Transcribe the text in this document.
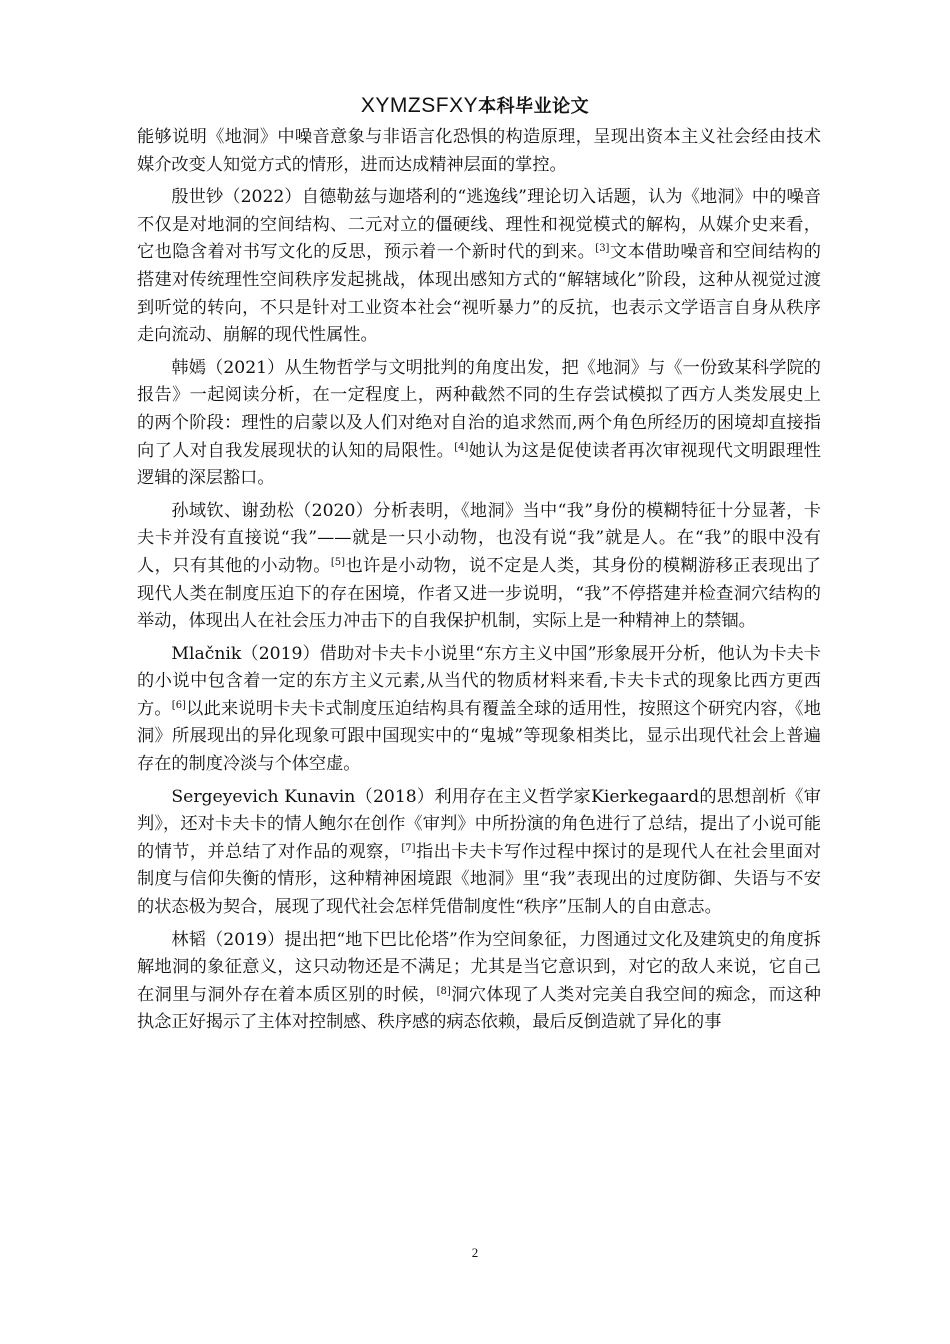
XYMZSFXY本科毕业论文

能够说明《地洞》中噪音意象与非语言化恐惧的构造原理，呈现出资本主义社会经由技术媒介改变人知觉方式的情形，进而达成精神层面的掌控。

殷世钞（2022）自德勒兹与迦塔利的“逃逸线”理论切入话题，认为《地洞》中的噪音不仅是对地洞的空间结构、二元对立的僵硬线、理性和视觉模式的解构，从媒介史来看，它也隐含着对书写文化的反思，预示着一个新时代的到来。[3]文本借助噪音和空间结构的搭建对传统理性空间秩序发起挑战，体现出感知方式的“解辖域化”阶段，这种从视觉过渡到听觉的转向，不只是针对工业资本社会“视听暴力”的反抗，也表示文学语言自身从秩序走向流动、崩解的现代性属性。

韩嫣（2021）从生物哲学与文明批判的角度出发，把《地洞》与《一份致某科学院的报告》一起阅读分析，在一定程度上，两种截然不同的生存尝试模拟了西方人类发展史上的两个阶段：理性的启蒙以及人们对绝对自治的追求然而,两个角色所经历的困境却直接指向了人对自我发展现状的认知的局限性。[4]她认为这是促使读者再次审视现代文明跟理性逻辑的深层豁口。

孙域钦、谢劲松（2020）分析表明，《地洞》当中“我”身份的模糊特征十分显著，卡夫卡并没有直接说“我”——就是一只小动物，也没有说“我”就是人。在“我”的眼中没有人，只有其他的小动物。[5]也许是小动物，说不定是人类，其身份的模糊游移正表现出了现代人类在制度压迫下的存在困境，作者又进一步说明，“我”不停搭建并检查洞穴结构的举动，体现出人在社会压力冲击下的自我保护机制，实际上是一种精神上的禁锢。

Mlačnik（2019）借助对卡夫卡小说里“东方主义中国”形象展开分析，他认为卡夫卡的小说中包含着一定的东方主义元素,从当代的物质材料来看,卡夫卡式的现象比西方更西方。[6]以此来说明卡夫卡式制度压迫结构具有覆盖全球的适用性，按照这个研究内容，《地洞》所展现出的异化现象可跟中国现实中的“鬼城”等现象相类比，显示出现代社会上普遍存在的制度冷淡与个体空虚。

Sergeyevich Kunavin（2018）利用存在主义哲学家Kierkegaard的思想剖析《审判》，还对卡夫卡的情人鲍尔在创作《审判》中所扮演的角色进行了总结，提出了小说可能的情节，并总结了对作品的观察，[7]指出卡夫卡写作过程中探讨的是现代人在社会里面对制度与信仰失衡的情形，这种精神困境跟《地洞》里“我”表现出的过度防御、失语与不安的状态极为契合，展现了现代社会怎样凭借制度性“秩序”压制人的自由意志。

林韬（2019）提出把“地下巴比伦塔”作为空间象征，力图通过文化及建筑史的角度拆解地洞的象征意义，这只动物还是不满足；尤其是当它意识到，对它的敌人来说，它自己在洞里与洞外存在着本质区别的时候，[8]洞穴体现了人类对完美自我空间的痴念，而这种执念正好揭示了主体对控制感、秩序感的病态依赖，最后反倒造就了异化的事

2
